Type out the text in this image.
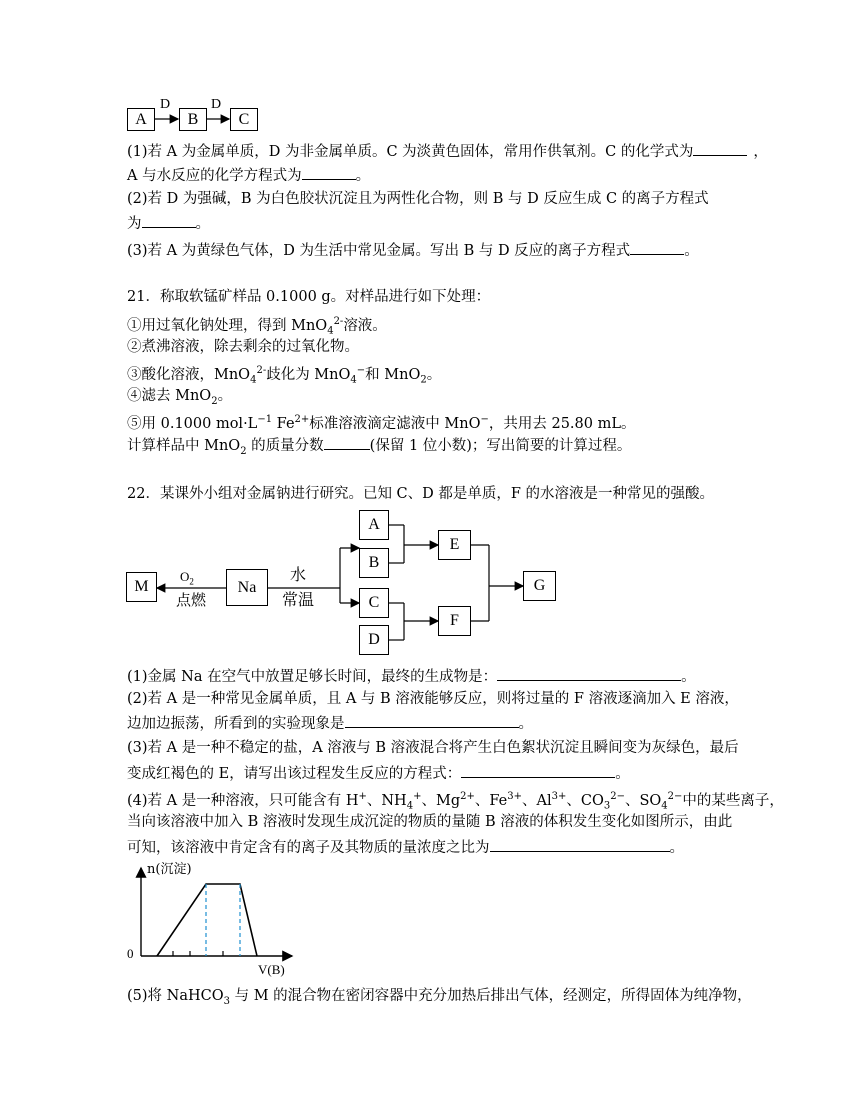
A	B	C
D	D
(1)若 A 为金属单质，D 为非金属单质。C 为淡黄色固体，常用作供氧剂。C 的化学式为	，
A 与水反应的化学方程式为	。
(2)若 D 为强碱，B 为白色胶状沉淀且为两性化合物，则 B 与 D 反应生成 C 的离子方程式
为	。
(3)若 A 为黄绿色气体，D 为生活中常见金属。写出 B 与 D 反应的离子方程式	。
21．称取软锰矿样品 0.1000 g。对样品进行如下处理：
①用过氧化钠处理，得到 MnO$_4^{2-}$溶液。
②煮沸溶液，除去剩余的过氧化物。
③酸化溶液，MnO$_4^{2-}$歧化为 MnO$_4$−和 MnO$_2$。
④滤去 MnO$_2$。
⑤用 0.1000 $mol\cdot L^{-1}$ $Fe^{2+}$标准溶液滴定滤液中 MnO−，共用去 25.80 mL。
计算样品中 MnO$_2$ 的质量分数	(保留 1 位小数)；写出简要的计算过程。
22．某课外小组对金属钠进行研究。已知 C、D 都是单质，F 的水溶液是一种常见的强酸。
M	Na
A
B
C
D
E
F
G
$O_2$
点燃
水
常温
(1)金属 Na 在空气中放置足够长时间，最终的生成物是：	。
(2)若 A 是一种常见金属单质，且 A 与 B 溶液能够反应，则将过量的 F 溶液逐滴加入 E 溶液，
边加边振荡，所看到的实验现象是	。
(3)若 A 是一种不稳定的盐，A 溶液与 B 溶液混合将产生白色絮状沉淀且瞬间变为灰绿色，最后
变成红褐色的 E，请写出该过程发生反应的方程式：	。
(4)若 A 是一种溶液，只可能含有 H+、$NH_4^+$、$Mg^{2+}$、$Fe^{3+}$、$Al^{3+}$、$CO_3^{2-}$、$SO_4^{2-}$中的某些离子，
当向该溶液中加入 B 溶液时发现生成沉淀的物质的量随 B 溶液的体积发生变化如图所示，由此
可知，该溶液中肯定含有的离子及其物质的量浓度之比为	。
n(沉淀)
V(B)
0
(5)将 NaHCO$_3$ 与 M 的混合物在密闭容器中充分加热后排出气体，经测定，所得固体为纯净物，
